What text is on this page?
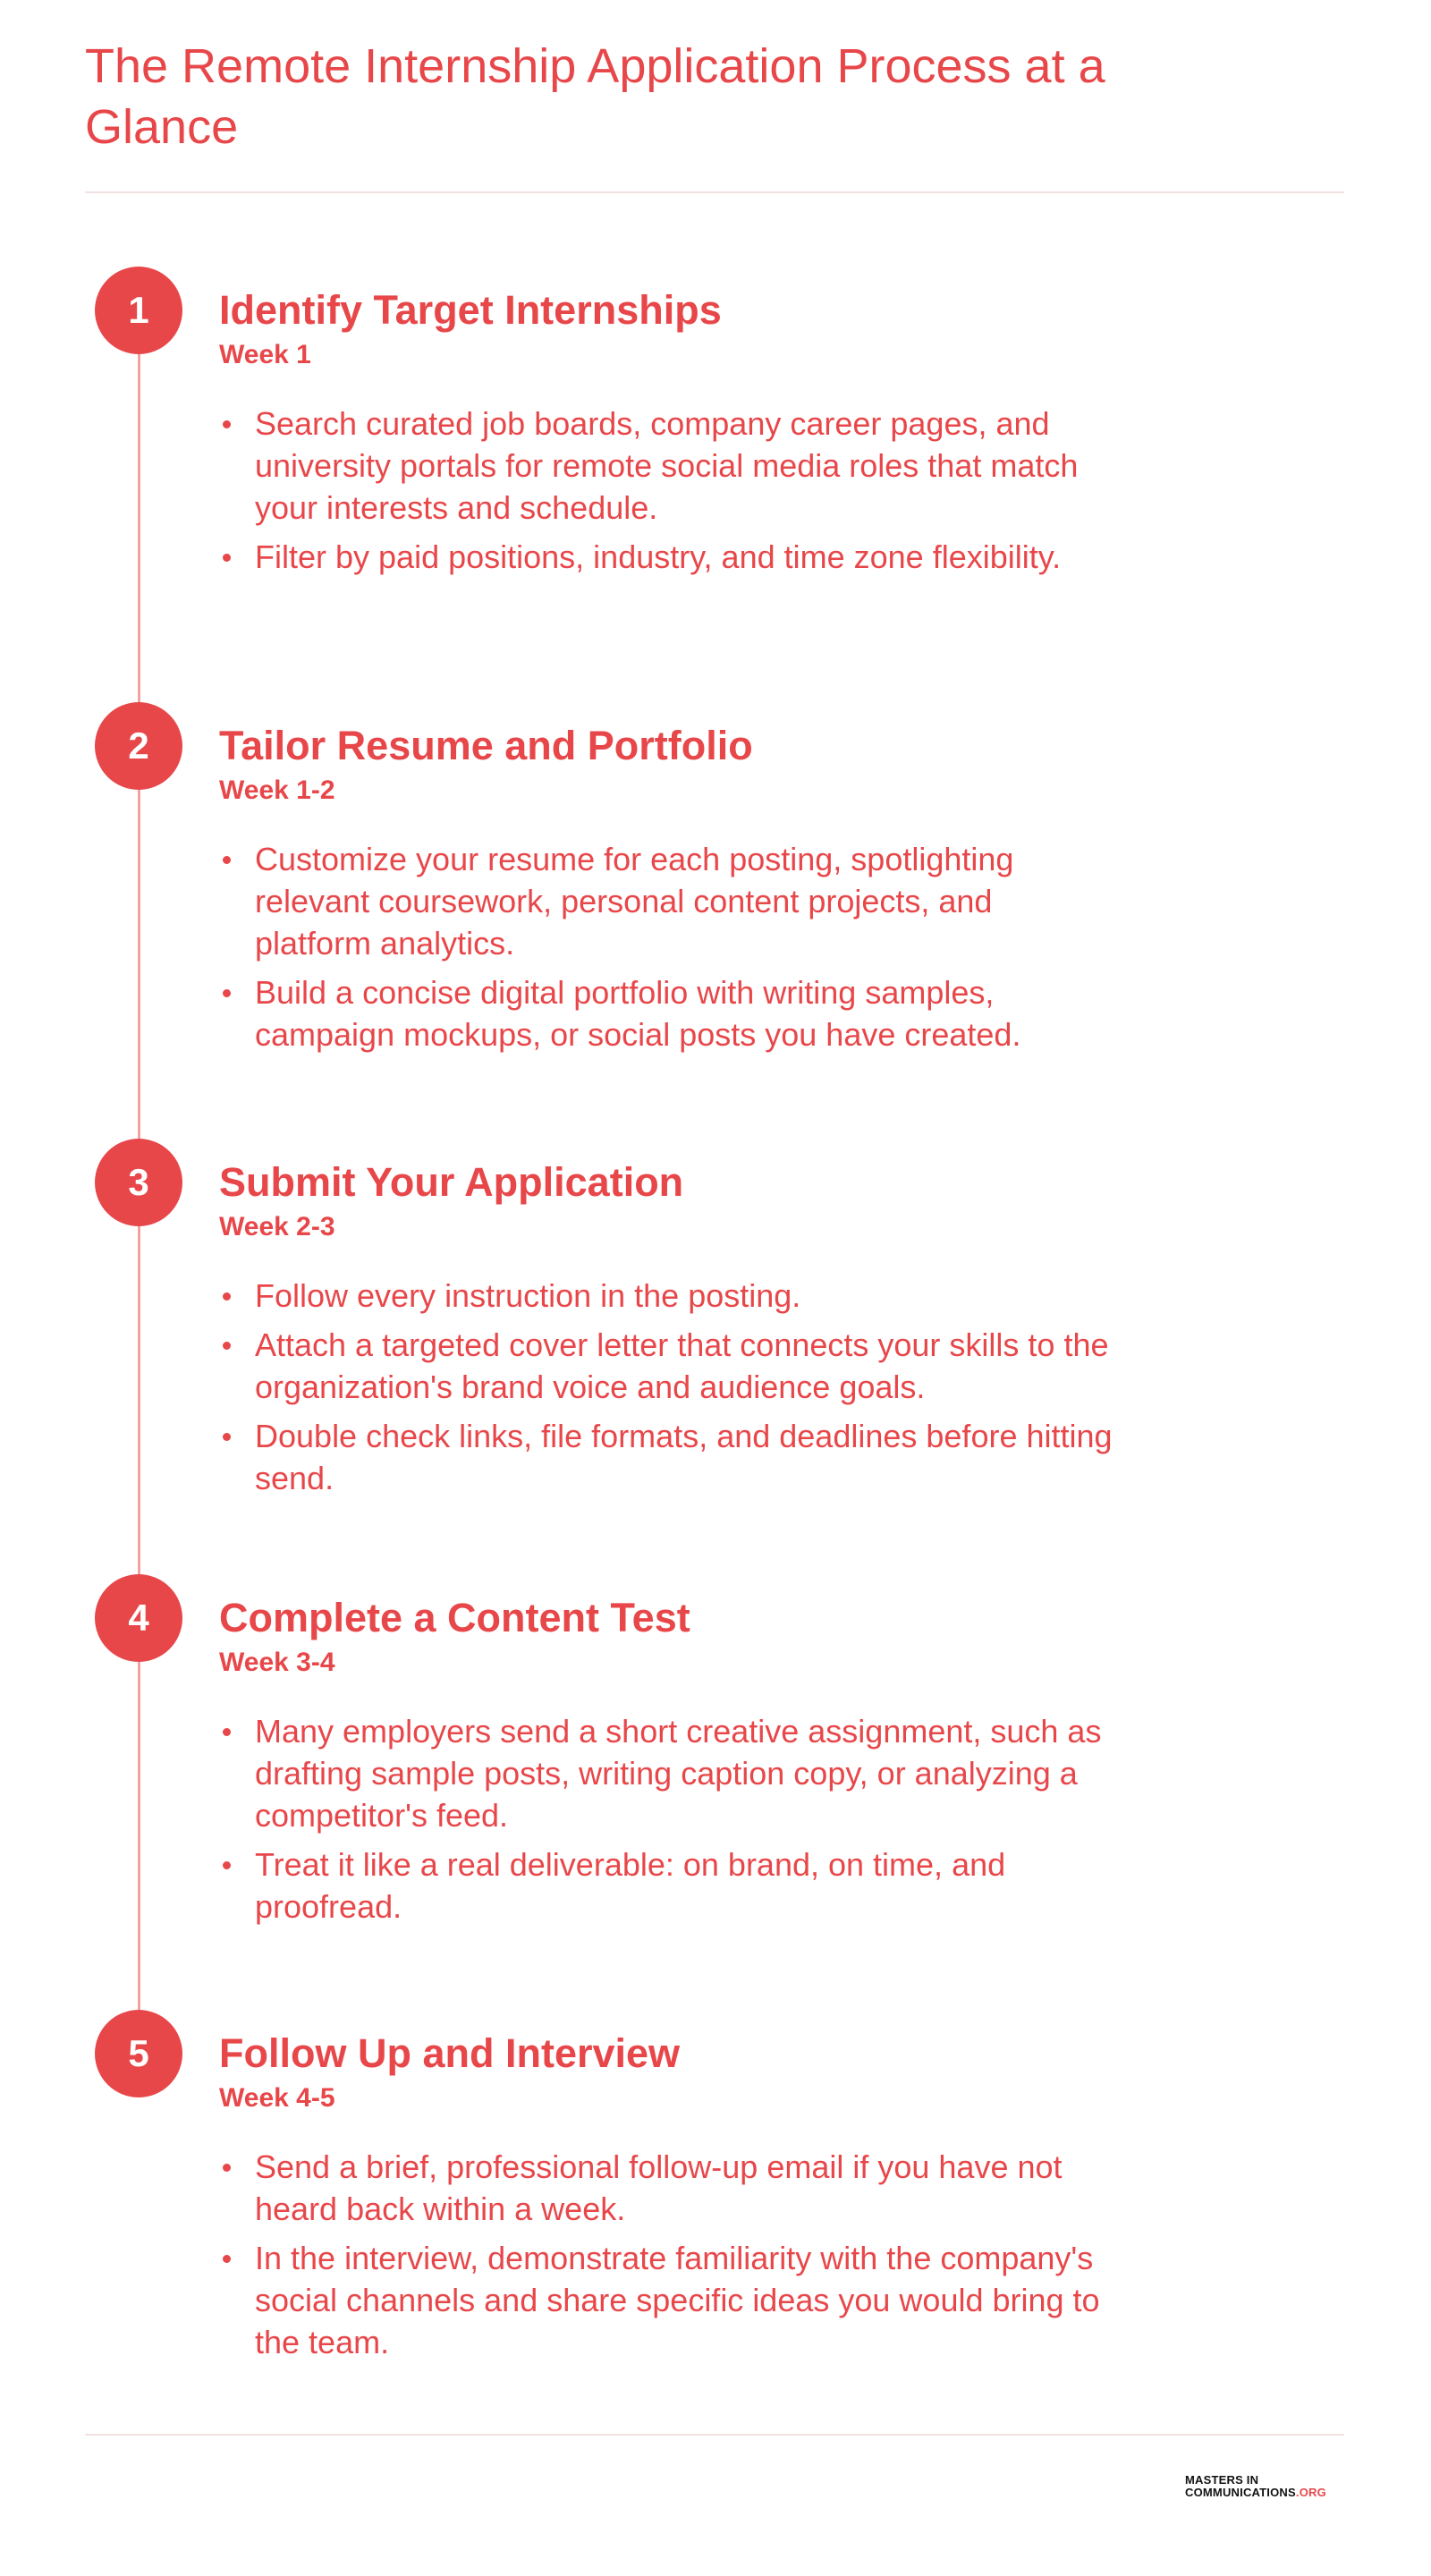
The Remote Internship Application Process at a Glance
1	Identify Target Internships
Week 1
Search curated job boards, company career pages, and university portals for remote social media roles that match your interests and schedule.
Filter by paid positions, industry, and time zone flexibility.
2	Tailor Resume and Portfolio
Week 1-2
Customize your resume for each posting, spotlighting relevant coursework, personal content projects, and platform analytics.
Build a concise digital portfolio with writing samples, campaign mockups, or social posts you have created.
3	Submit Your Application
Week 2-3
Follow every instruction in the posting.
Attach a targeted cover letter that connects your skills to the organization's brand voice and audience goals.
Double check links, file formats, and deadlines before hitting send.
4	Complete a Content Test
Week 3-4
Many employers send a short creative assignment, such as drafting sample posts, writing caption copy, or analyzing a competitor's feed.
Treat it like a real deliverable: on brand, on time, and proofread.
5	Follow Up and Interview
Week 4-5
Send a brief, professional follow-up email if you have not heard back within a week.
In the interview, demonstrate familiarity with the company's social channels and share specific ideas you would bring to the team.
MASTERS IN
COMMUNICATIONS.ORG
